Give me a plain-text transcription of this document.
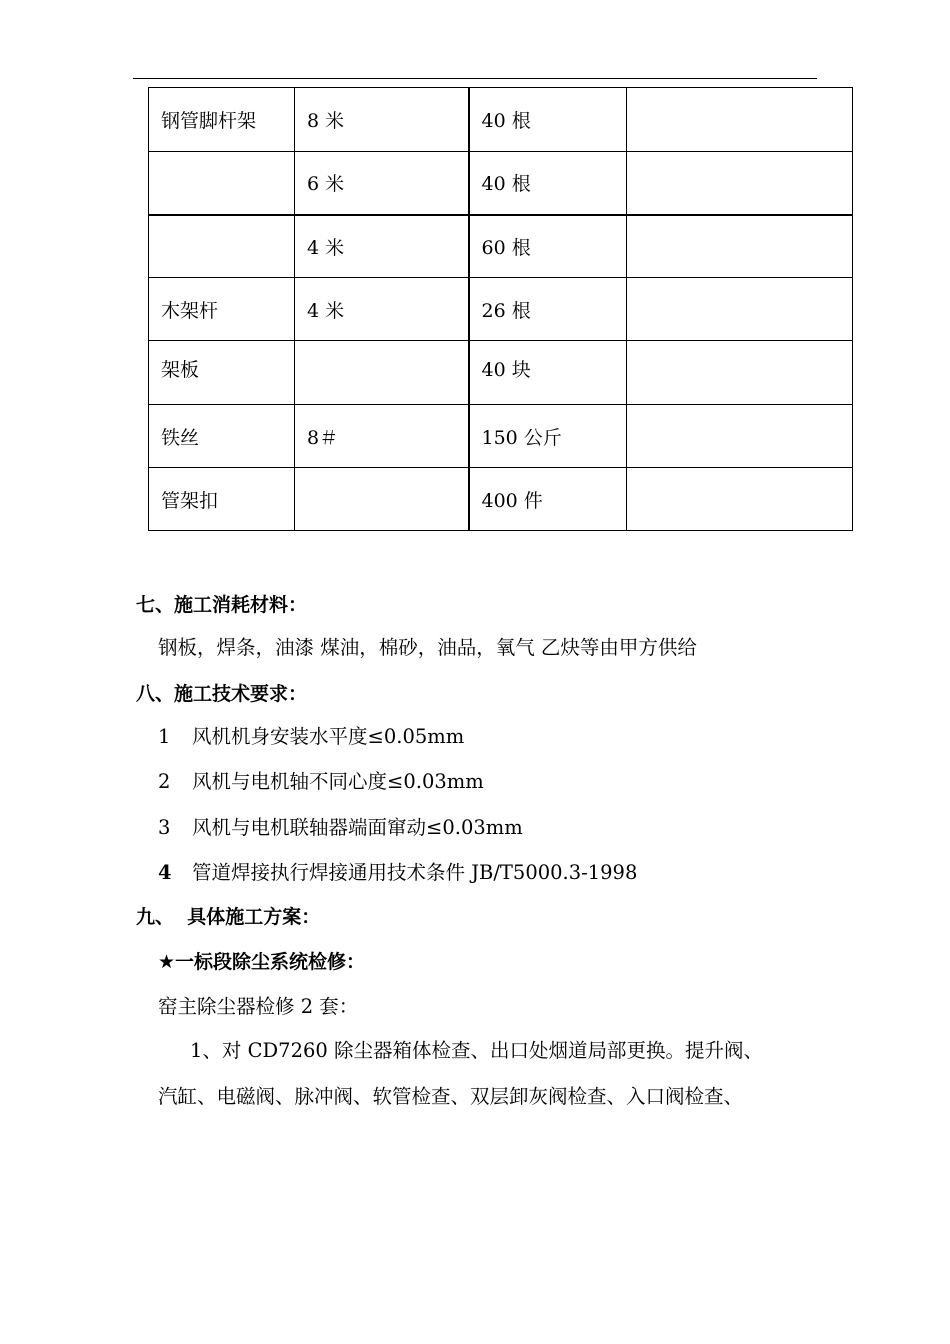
钢管脚杆架	8 米	40 根	
	6 米	40 根	
	4 米	60 根	
木架杆	4 米	26 根	
架板		40 块	
铁丝	8＃	150 公斤	
管架扣		400 件	
七、施工消耗材料：
钢板，焊条，油漆 煤油，棉砂，油品，氧气 乙炔等由甲方供给
八、施工技术要求：
1 风机机身安装水平度≤0.05mm
2 风机与电机轴不同心度≤0.03mm
3 风机与电机联轴器端面窜动≤0.03mm
4 管道焊接执行焊接通用技术条件 JB/T5000.3-1998
九、  具体施工方案：
★一标段除尘系统检修：
窑主除尘器检修 2 套：
1、对 CD7260 除尘器箱体检查、出口处烟道局部更换。提升阀、
汽缸、电磁阀、脉冲阀、软管检查、双层卸灰阀检查、入口阀检查、
